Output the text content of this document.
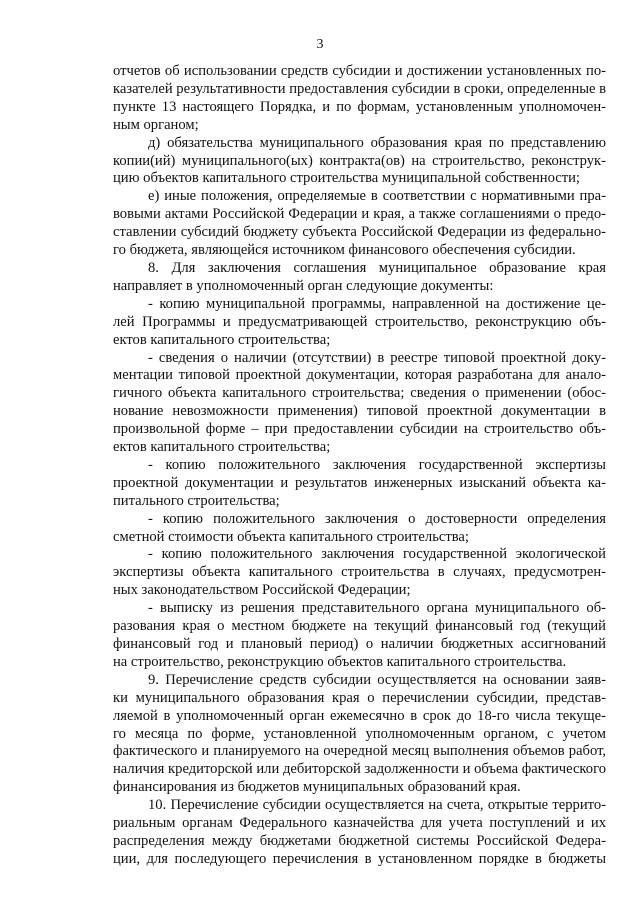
3
отчетов об использовании средств субсидии и достижении установленных по-
казателей результативности предоставления субсидии в сроки, определенные в
пункте 13 настоящего Порядка, и по формам, установленным уполномочен-
ным органом;
д) обязательства муниципального образования края по представлению
копии(ий) муниципального(ых) контракта(ов) на строительство, реконструк-
цию объектов капитального строительства муниципальной собственности;
е) иные положения, определяемые в соответствии с нормативными пра-
вовыми актами Российской Федерации и края, а также соглашениями о предо-
ставлении субсидий бюджету субъекта Российской Федерации из федерально-
го бюджета, являющейся источником финансового обеспечения субсидии.
8. Для заключения соглашения муниципальное образование края
направляет в уполномоченный орган следующие документы:
- копию муниципальной программы, направленной на достижение це-
лей Программы и предусматривающей строительство, реконструкцию объ-
ектов капитального строительства;
- сведения о наличии (отсутствии) в реестре типовой проектной доку-
ментации типовой проектной документации, которая разработана для анало-
гичного объекта капитального строительства; сведения о применении (обос-
нование невозможности применения) типовой проектной документации в
произвольной форме – при предоставлении субсидии на строительство объ-
ектов капитального строительства;
- копию положительного заключения государственной экспертизы
проектной документации и результатов инженерных изысканий объекта ка-
питального строительства;
- копию положительного заключения о достоверности определения
сметной стоимости объекта капитального строительства;
- копию положительного заключения государственной экологической
экспертизы объекта капитального строительства в случаях, предусмотрен-
ных законодательством Российской Федерации;
- выписку из решения представительного органа муниципального об-
разования края о местном бюджете на текущий финансовый год (текущий
финансовый год и плановый период) о наличии бюджетных ассигнований
на строительство, реконструкцию объектов капитального строительства.
9. Перечисление средств субсидии осуществляется на основании заяв-
ки муниципального образования края о перечислении субсидии, представ-
ляемой в уполномоченный орган ежемесячно в срок до 18-го числа текуще-
го месяца по форме, установленной уполномоченным органом, с учетом
фактического и планируемого на очередной месяц выполнения объемов работ,
наличия кредиторской или дебиторской задолженности и объема фактического
финансирования из бюджетов муниципальных образований края.
10. Перечисление субсидии осуществляется на счета, открытые террито-
риальным органам Федерального казначейства для учета поступлений и их
распределения между бюджетами бюджетной системы Российской Федера-
ции, для последующего перечисления в установленном порядке в бюджеты
